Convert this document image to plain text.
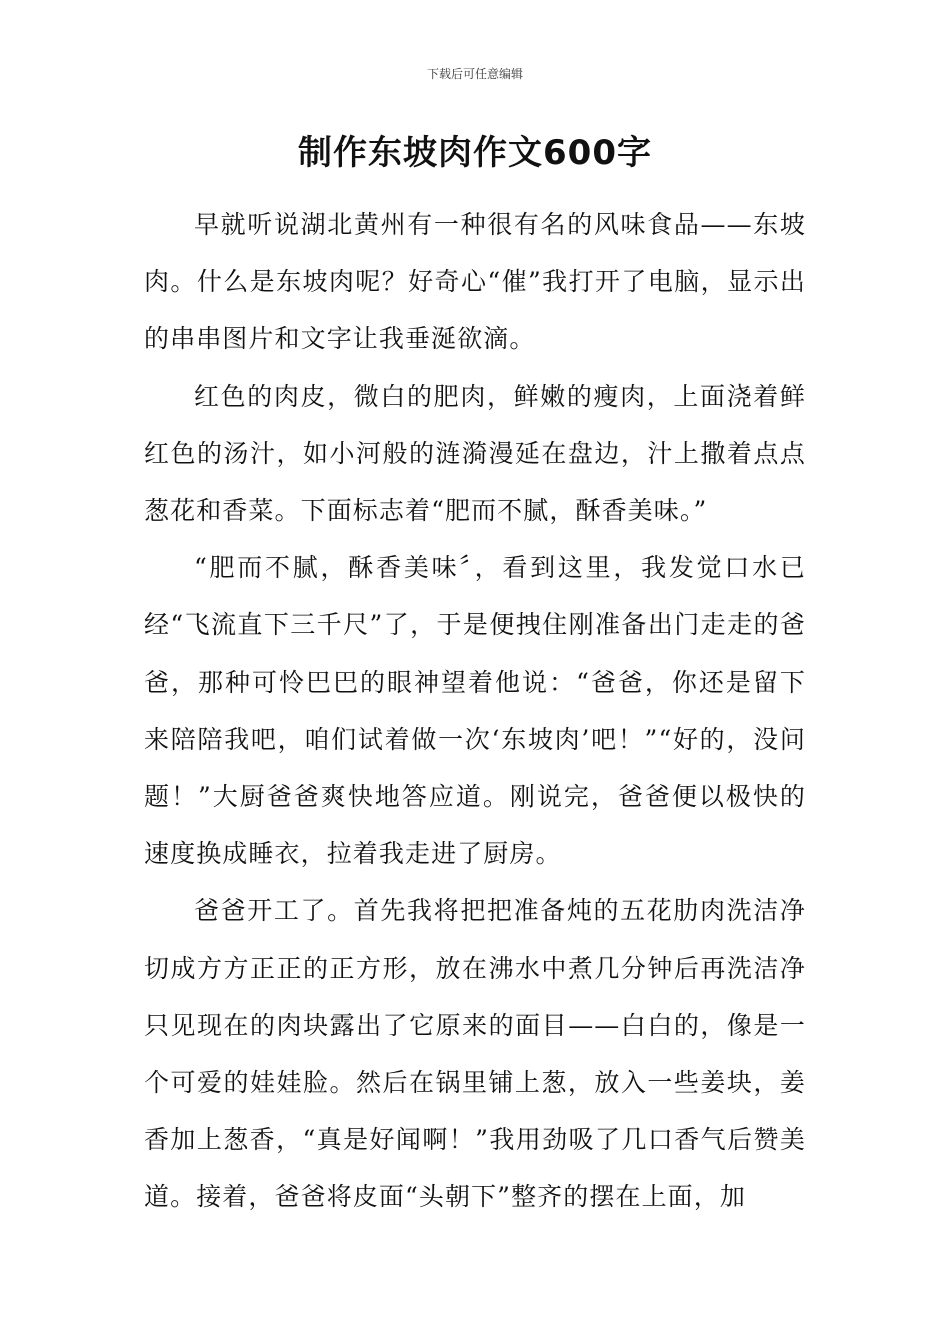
下载后可任意编辑
制作东坡肉作文600字

早就听说湖北黄州有一种很有名的风味食品——东坡肉。什么是东坡肉呢？好奇心“催”我打开了电脑，显示出的串串图片和文字让我垂涎欲滴。

红色的肉皮，微白的肥肉，鲜嫩的瘦肉，上面浇着鲜红色的汤汁，如小河般的涟漪漫延在盘边，汁上撒着点点葱花和香菜。下面标志着“肥而不腻，酥香美味。”

“肥而不腻，酥香美味〞，看到这里，我发觉口水已经“飞流直下三千尺”了，于是便拽住刚准备出门走走的爸爸，那种可怜巴巴的眼神望着他说：“爸爸，你还是留下来陪陪我吧，咱们试着做一次‘东坡肉’吧！”“好的，没问题！”大厨爸爸爽快地答应道。刚说完，爸爸便以极快的速度换成睡衣，拉着我走进了厨房。

爸爸开工了。首先我将把把准备炖的五花肋肉洗洁净切成方方正正的正方形，放在沸水中煮几分钟后再洗洁净只见现在的肉块露出了它原来的面目——白白的，像是一个可爱的娃娃脸。然后在锅里铺上葱，放入一些姜块，姜香加上葱香，“真是好闻啊！”我用劲吸了几口香气后赞美道。接着，爸爸将皮面“头朝下”整齐的摆在上面，加
